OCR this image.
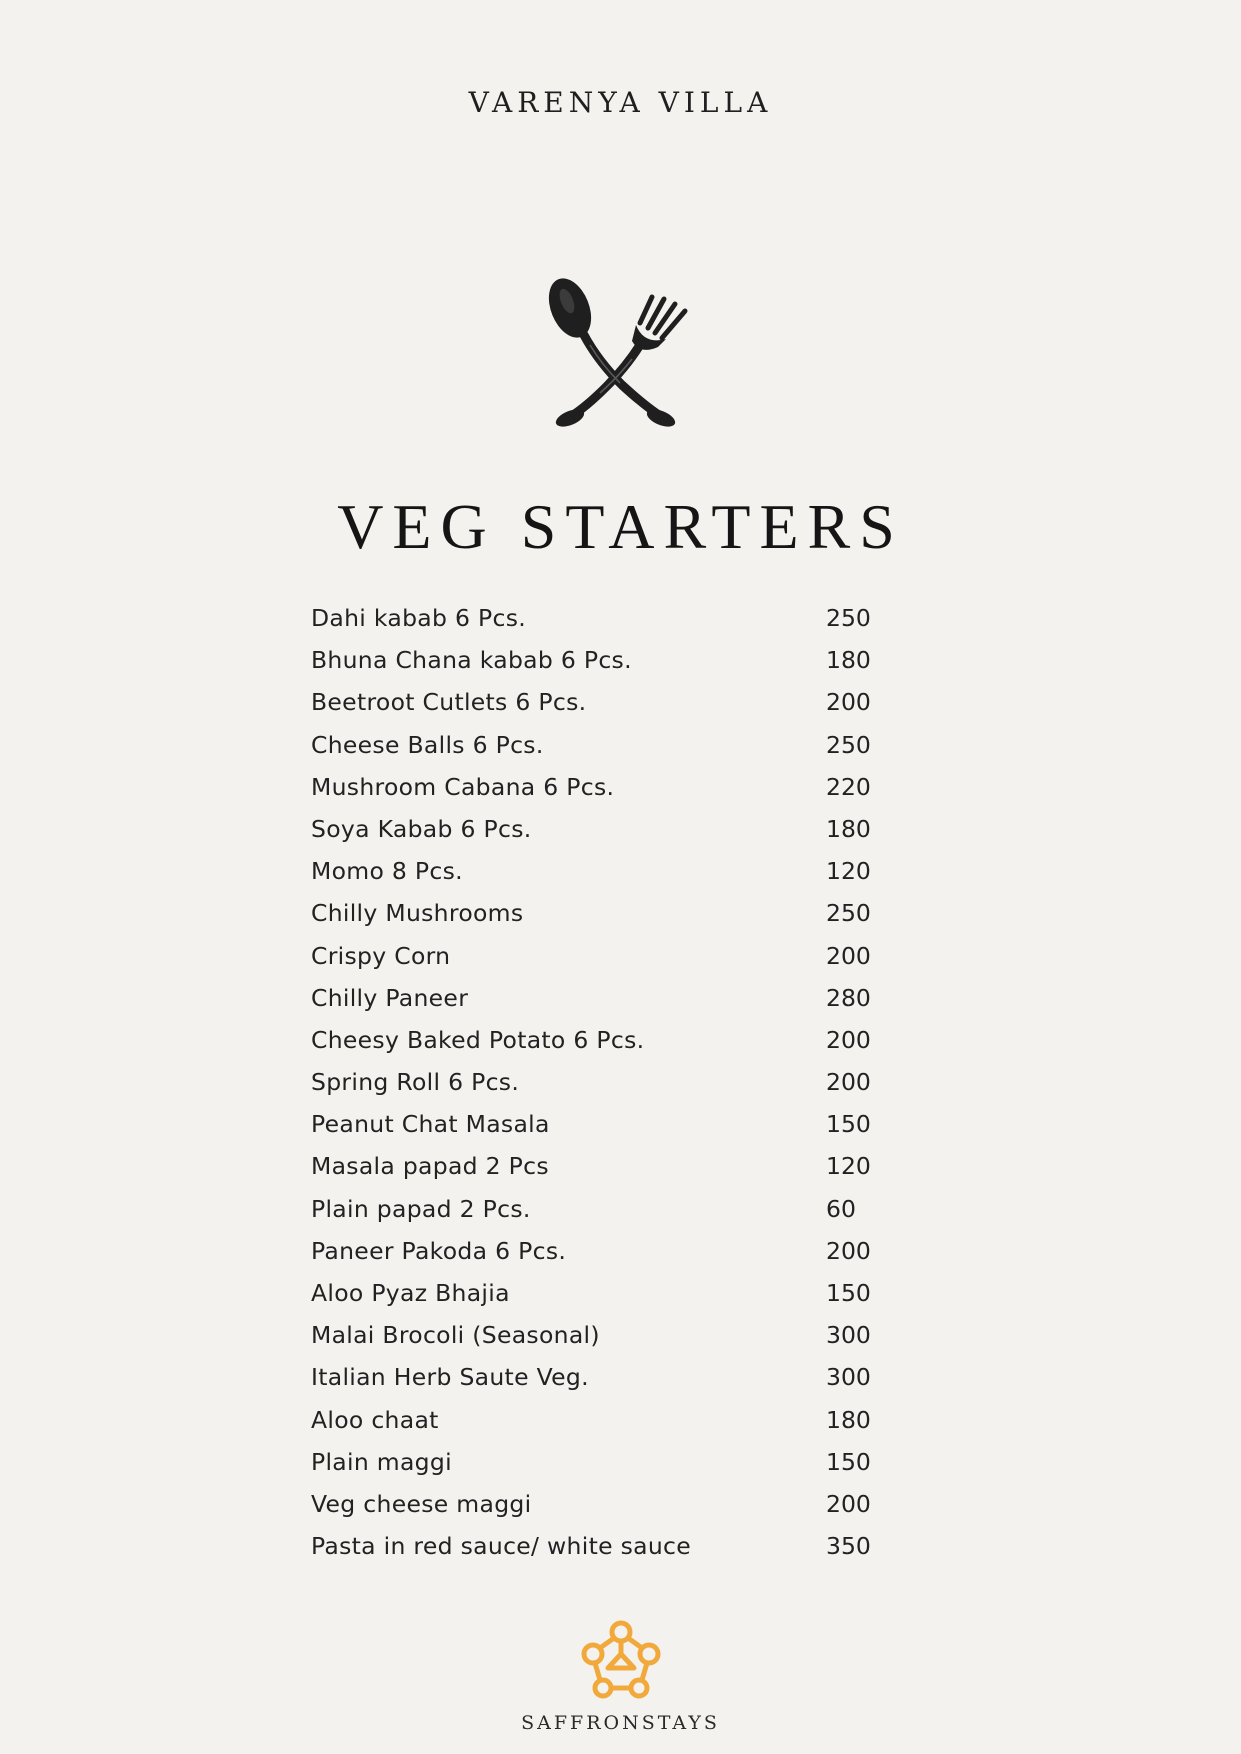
VARENYA VILLA
VEG STARTERS
Dahi kabab 6 Pcs.	250
Bhuna Chana kabab 6 Pcs.	180
Beetroot Cutlets 6 Pcs.	200
Cheese Balls 6 Pcs.	250
Mushroom Cabana 6 Pcs.	220
Soya Kabab 6 Pcs.	180
Momo 8 Pcs.	120
Chilly Mushrooms	250
Crispy Corn	200
Chilly Paneer	280
Cheesy Baked Potato 6 Pcs.	200
Spring Roll 6 Pcs.	200
Peanut Chat Masala	150
Masala papad 2 Pcs	120
Plain papad 2 Pcs.	60
Paneer Pakoda 6 Pcs.	200
Aloo Pyaz Bhajia	150
Malai Brocoli (Seasonal)	300
Italian Herb Saute Veg.	300
Aloo chaat	180
Plain maggi	150
Veg cheese maggi	200
Pasta in red sauce/ white sauce	350
SAFFRONSTAYS
